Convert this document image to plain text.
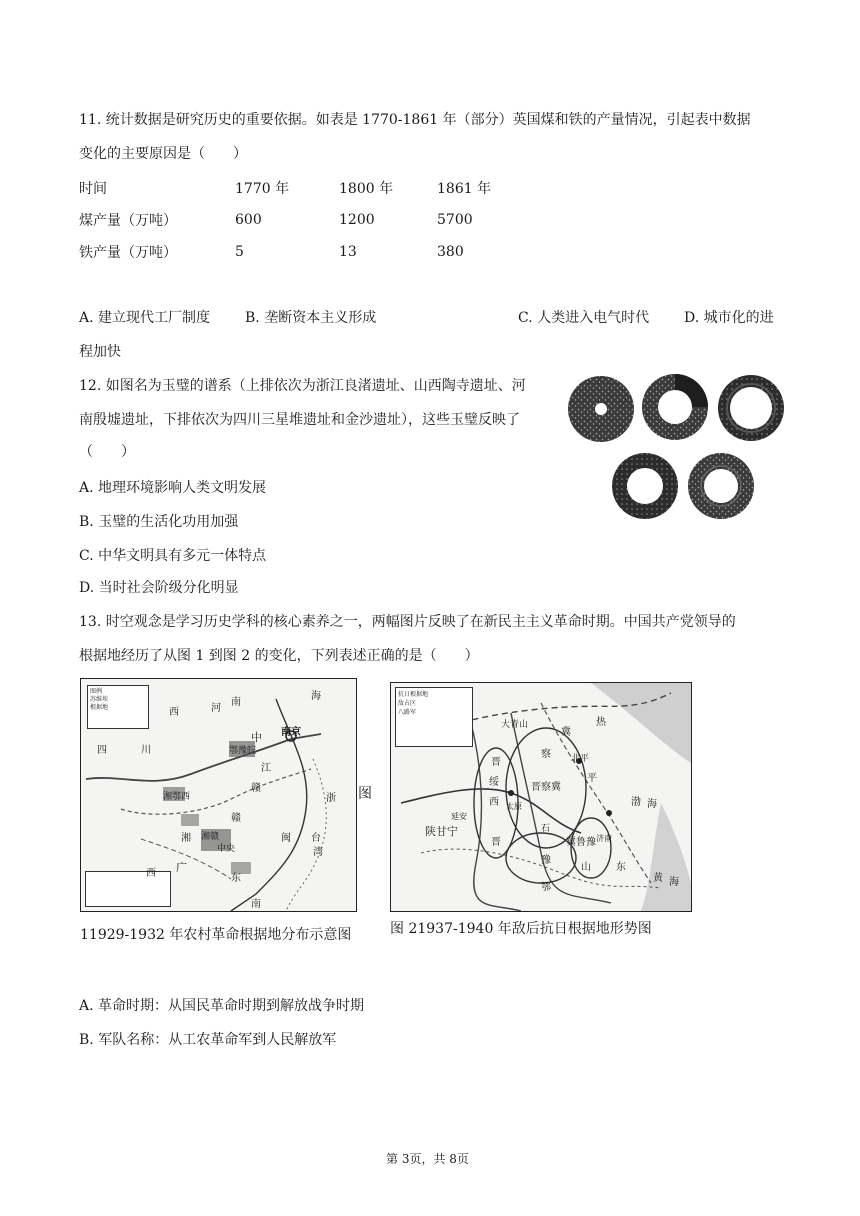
11. 统计数据是研究历史的重要依据。如表是 1770-1861 年（部分）英国煤和铁的产量情况，引起表中数据
变化的主要原因是（　　）
时间	1770 年	1800 年	1861 年
煤产量（万吨）	600	1200	5700
铁产量（万吨）	5	13	380
A. 建立现代工厂制度 B. 垄断资本主义形成	C. 人类进入电气时代 D. 城市化的进
程加快
12. 如图名为玉璧的谱系（上排依次为浙江良渚遗址、山西陶寺遗址、河
南殷墟遗址，下排依次为四川三星堆遗址和金沙遗址），这些玉璧反映了
（　　）
A. 地理环境影响人类文明发展
B. 玉璧的生活化功用加强
C. 中华文明具有多元一体特点
D. 当时社会阶级分化明显
13. 时空观念是学习历史学科的核心素养之一，两幅图片反映了在新民主主义革命时期。中国共产党领导的
根据地经历了从图 1 到图 2 的变化，下列表述正确的是（　　）
图例
苏维埃
根据地	西	河
南
川
中 南京
鄂豫皖
湘鄂西
四
湘
赣
闽
广
西
湘赣
中央
赣
江
东
浙
台
湾
南
海
图
抗日根据地
敌占区
八路军
大青山
冀
热
察
晋	北平
平
西
绥
陕甘宁
延安
晋察冀
太原
冀鲁豫
石
山	东
晋
豫
鄂
济南
渤 海
黄 海
11929-1932 年农村革命根据地分布示意图	图 21937-1940 年敌后抗日根据地形势图
A. 革命时期：从国民革命时期到解放战争时期
B. 军队名称：从工农革命军到人民解放军
第 3页，共 8页
